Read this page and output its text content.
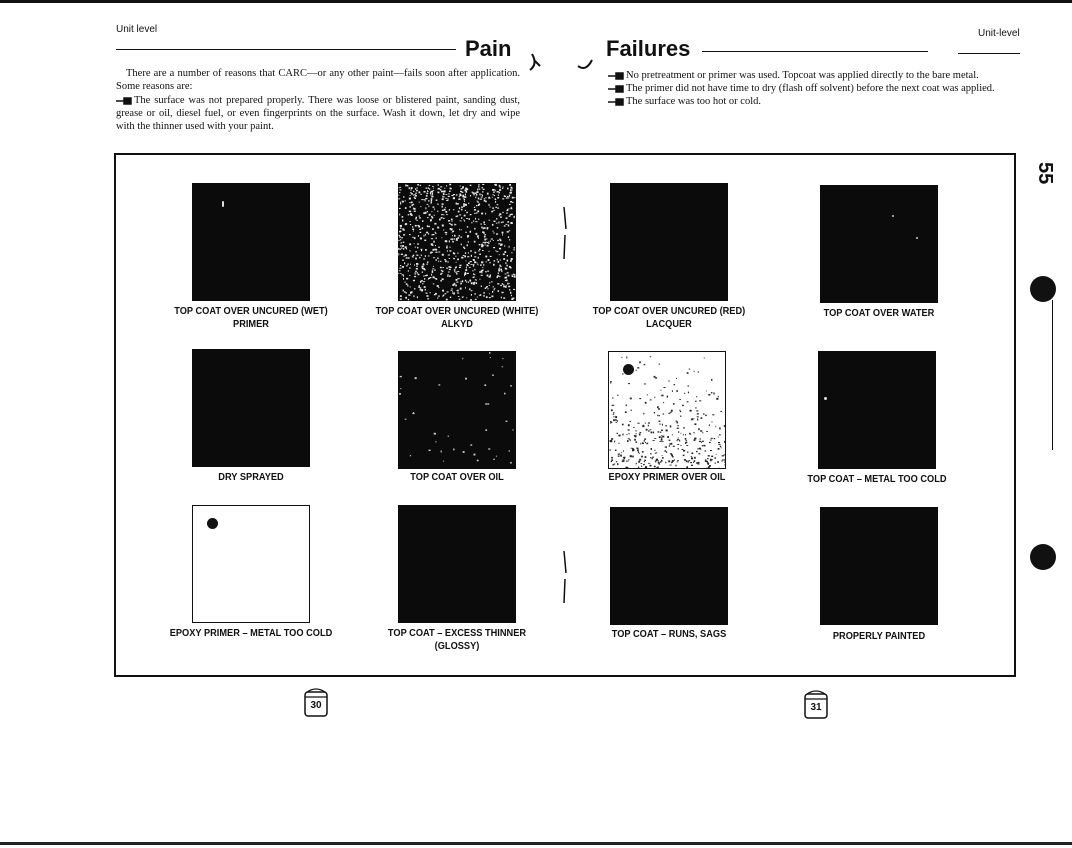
Unit level	Unit-level
Pain	Failures
There are a number of reasons that CARC—or any other paint—fails soon after application. Some reasons are:
The surface was not prepared properly. There was loose or blistered paint, sanding dust, grease or oil, diesel fuel, or even fingerprints on the surface. Wash it down, let dry and wipe with the thinner used with your paint.
No pretreatment or primer was used. Topcoat was applied directly to the bare metal.
The primer did not have time to dry (flash off solvent) before the next coat was applied.
The surface was too hot or cold.
TOP COAT OVER UNCURED (WET) PRIMER
TOP COAT OVER UNCURED (WHITE) ALKYD
TOP COAT OVER UNCURED (RED) LACQUER
TOP COAT OVER WATER
DRY SPRAYED	TOP COAT OVER OIL	EPOXY PRIMER OVER OIL	TOP COAT – METAL TOO COLD
EPOXY PRIMER – METAL TOO COLD	TOP COAT – EXCESS THINNER (GLOSSY)
TOP COAT – RUNS, SAGS	PROPERLY PAINTED
30	31
55
